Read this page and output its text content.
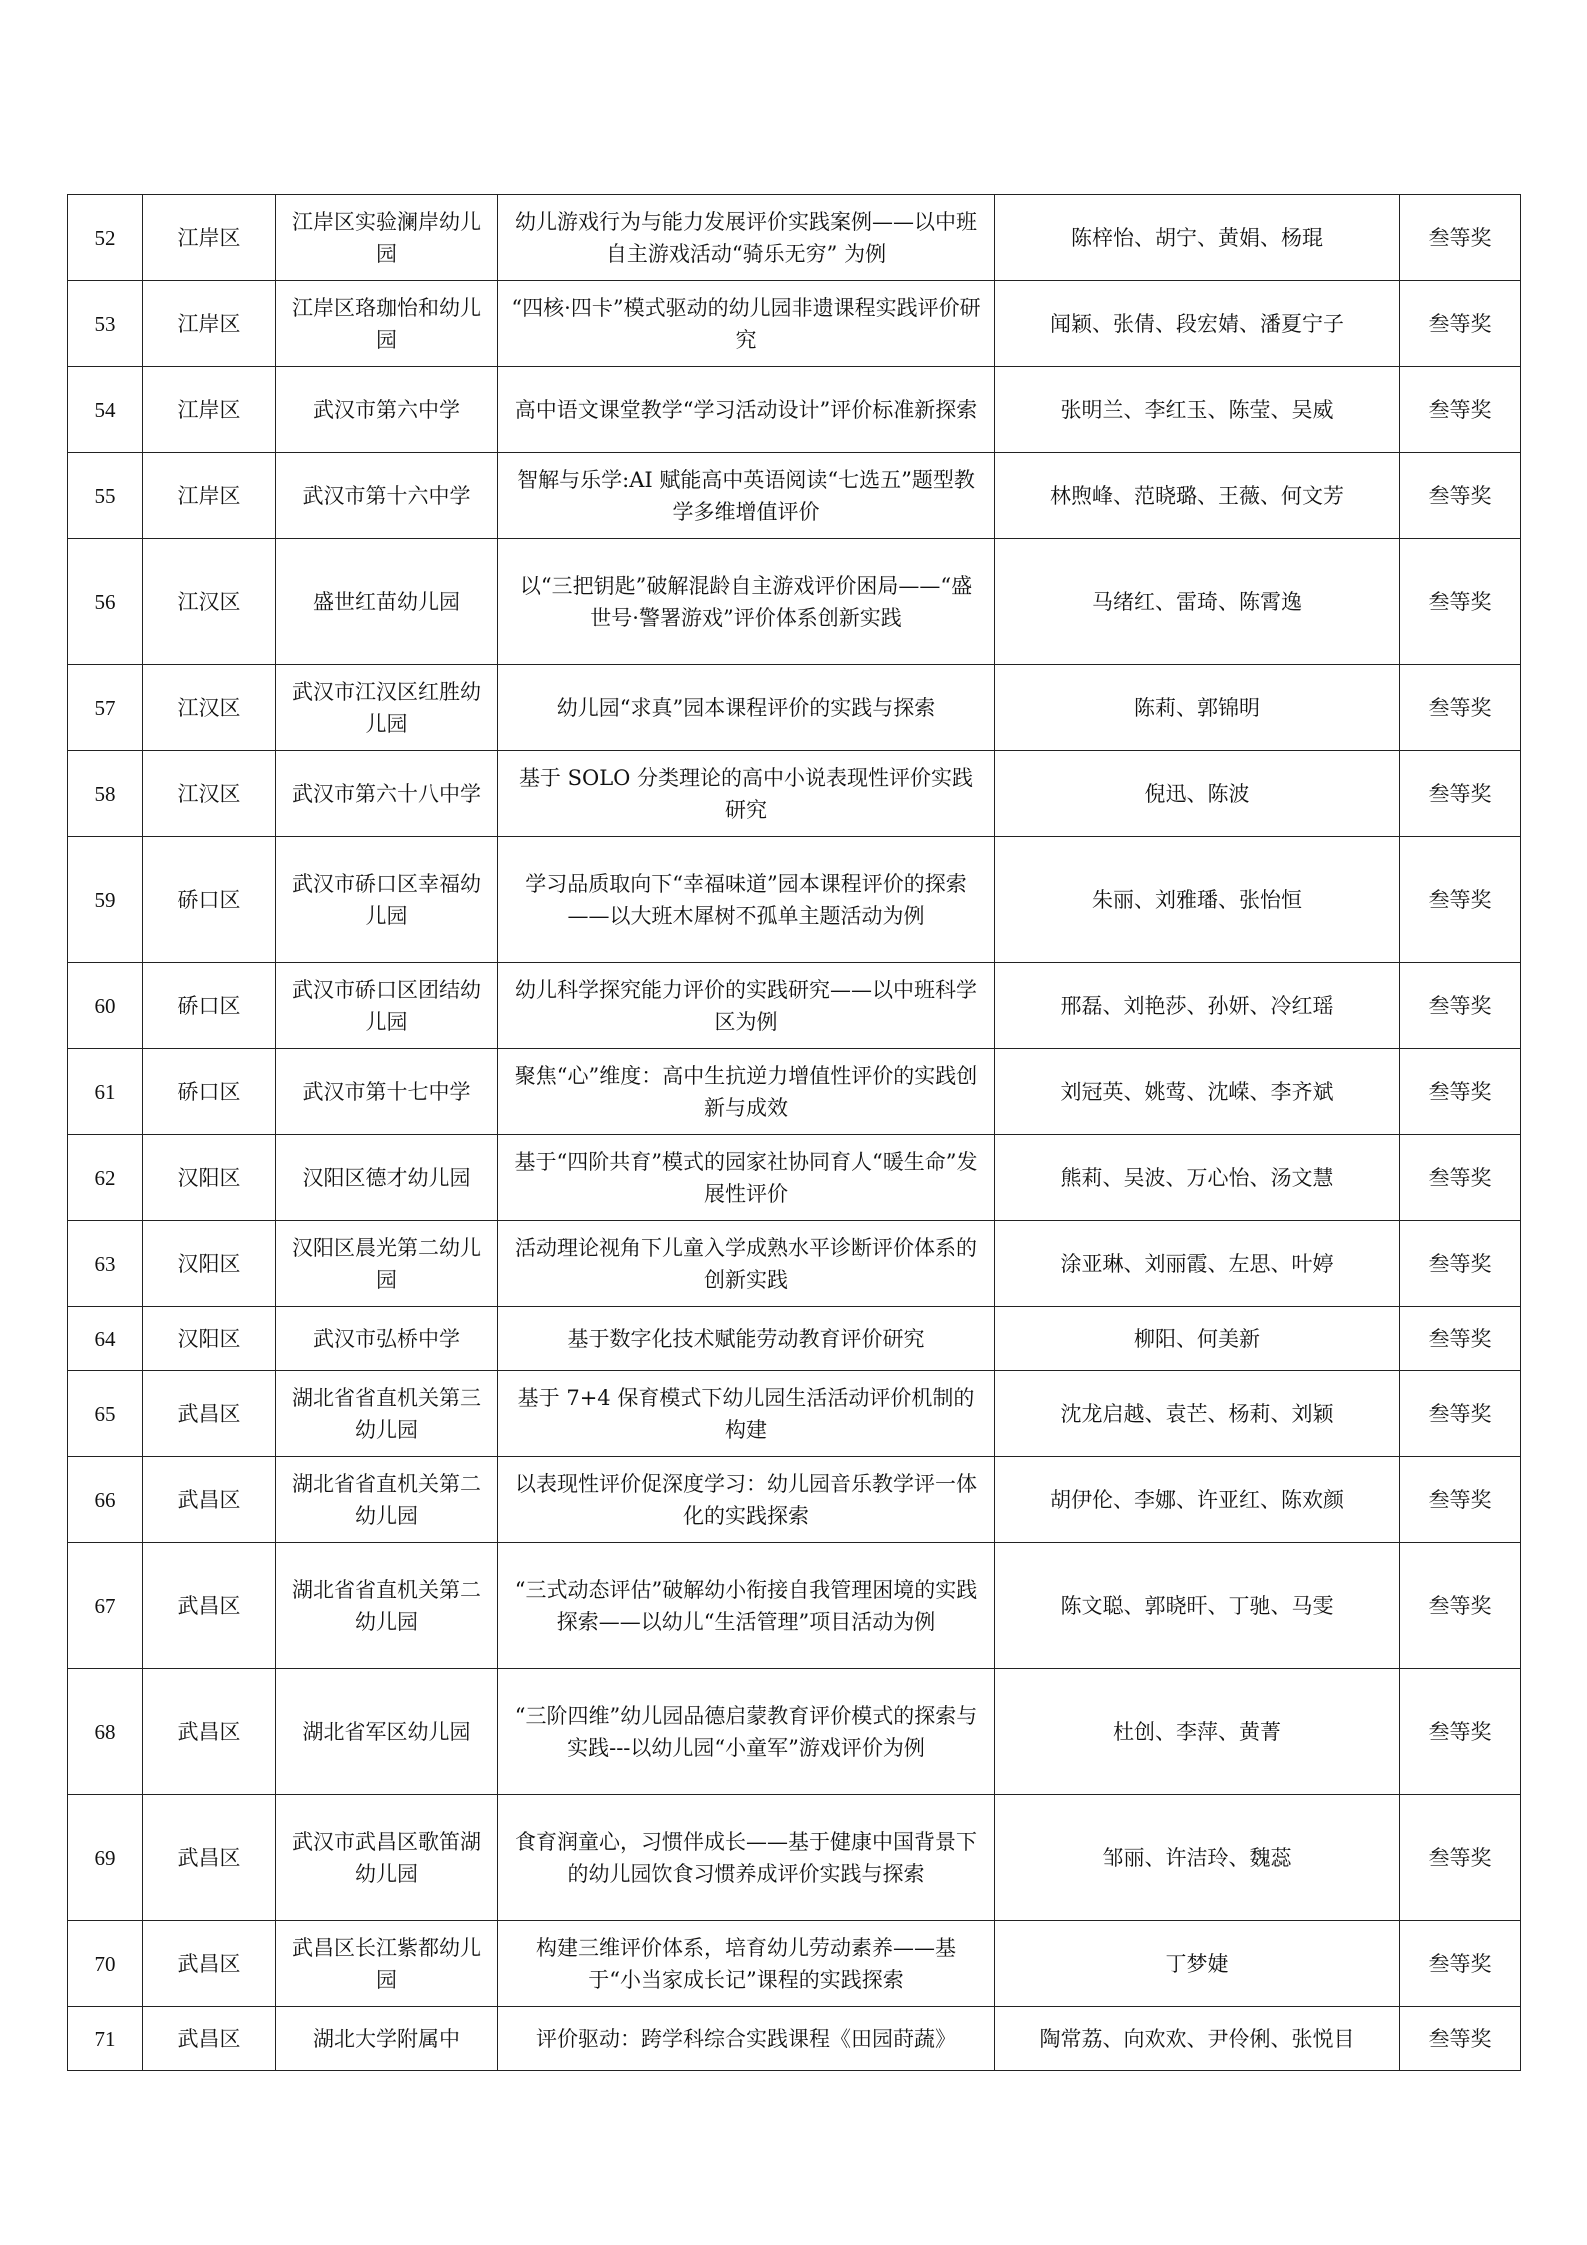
52	江岸区	江岸区实验澜岸幼儿园	幼儿游戏行为与能力发展评价实践案例——以中班自主游戏活动“骑乐无穷” 为例	陈梓怡、胡宁、黄娟、杨琨	叁等奖
53	江岸区	江岸区珞珈怡和幼儿园	“四核·四卡”模式驱动的幼儿园非遗课程实践评价研究	闻颖、张倩、段宏婧、潘夏宁子	叁等奖
54	江岸区	武汉市第六中学	高中语文课堂教学“学习活动设计”评价标准新探索	张明兰、李红玉、陈莹、吴威	叁等奖
55	江岸区	武汉市第十六中学	智解与乐学:AI 赋能高中英语阅读“七选五”题型教学多维增值评价	林煦峰、范晓璐、王薇、何文芳	叁等奖
56	江汉区	盛世红苗幼儿园	以“三把钥匙”破解混龄自主游戏评价困局——“盛世号·警署游戏”评价体系创新实践	马绪红、雷琦、陈霄逸	叁等奖
57	江汉区	武汉市江汉区红胜幼儿园	幼儿园“求真”园本课程评价的实践与探索	陈莉、郭锦明	叁等奖
58	江汉区	武汉市第六十八中学	基于 SOLO 分类理论的高中小说表现性评价实践研究	倪迅、陈波	叁等奖
59	硚口区	武汉市硚口区幸福幼儿园	学习品质取向下“幸福味道”园本课程评价的探索——以大班木犀树不孤单主题活动为例	朱丽、刘雅璠、张怡恒	叁等奖
60	硚口区	武汉市硚口区团结幼儿园	幼儿科学探究能力评价的实践研究——以中班科学区为例	邢磊、刘艳莎、孙妍、冷红瑶	叁等奖
61	硚口区	武汉市第十七中学	聚焦“心”维度：高中生抗逆力增值性评价的实践创新与成效	刘冠英、姚莺、沈嵘、李齐斌	叁等奖
62	汉阳区	汉阳区德才幼儿园	基于“四阶共育”模式的园家社协同育人“暖生命”发展性评价	熊莉、吴波、万心怡、汤文慧	叁等奖
63	汉阳区	汉阳区晨光第二幼儿园	活动理论视角下儿童入学成熟水平诊断评价体系的创新实践	涂亚琳、刘丽霞、左思、叶婷	叁等奖
64	汉阳区	武汉市弘桥中学	基于数字化技术赋能劳动教育评价研究	柳阳、何美新	叁等奖
65	武昌区	湖北省省直机关第三幼儿园	基于 7+4 保育模式下幼儿园生活活动评价机制的构建	沈龙启越、袁芒、杨莉、刘颖	叁等奖
66	武昌区	湖北省省直机关第二幼儿园	以表现性评价促深度学习：幼儿园音乐教学评一体化的实践探索	胡伊伦、李娜、许亚红、陈欢颜	叁等奖
67	武昌区	湖北省省直机关第二幼儿园	“三式动态评估”破解幼小衔接自我管理困境的实践探索——以幼儿“生活管理”项目活动为例	陈文聪、郭晓旰、丁驰、马雯	叁等奖
68	武昌区	湖北省军区幼儿园	“三阶四维”幼儿园品德启蒙教育评价模式的探索与实践---以幼儿园“小童军”游戏评价为例	杜创、李萍、黄菁	叁等奖
69	武昌区	武汉市武昌区歌笛湖幼儿园	食育润童心，习惯伴成长——基于健康中国背景下的幼儿园饮食习惯养成评价实践与探索	邹丽、许洁玲、魏蕊	叁等奖
70	武昌区	武昌区长江紫都幼儿园	构建三维评价体系，培育幼儿劳动素养——基于“小当家成长记”课程的实践探索	丁梦婕	叁等奖
71	武昌区	湖北大学附属中	评价驱动：跨学科综合实践课程《田园莳蔬》	陶常荔、向欢欢、尹伶俐、张悦目	叁等奖
